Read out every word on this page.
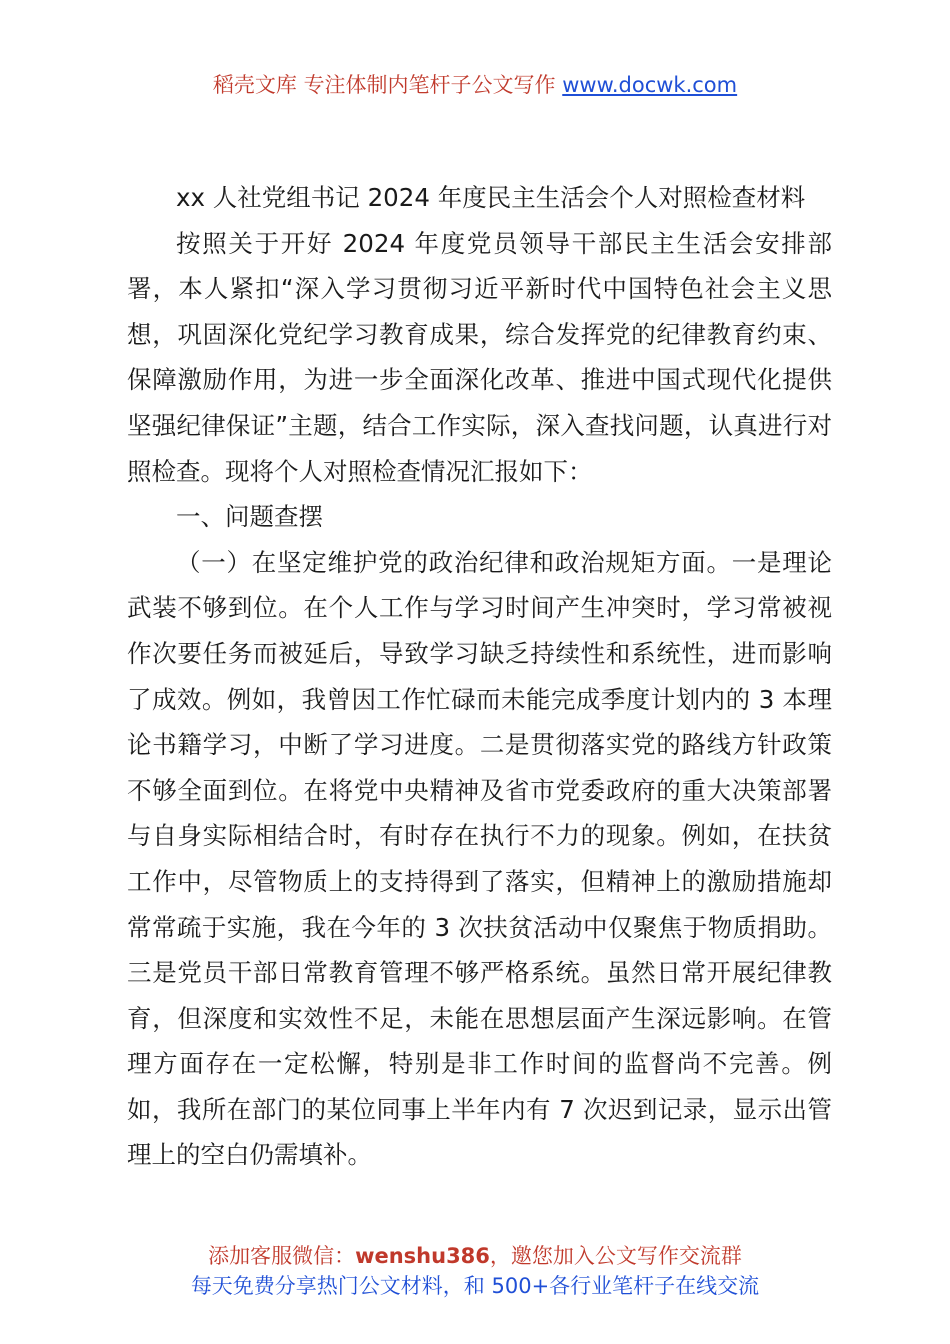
稻壳文库 专注体制内笔杆子公文写作 www.docwk.com

xx 人社党组书记 2024 年度民主生活会个人对照检查材料

按照关于开好 2024 年度党员领导干部民主生活会安排部署，本人紧扣“深入学习贯彻习近平新时代中国特色社会主义思想，巩固深化党纪学习教育成果，综合发挥党的纪律教育约束、保障激励作用，为进一步全面深化改革、推进中国式现代化提供坚强纪律保证”主题，结合工作实际，深入查找问题，认真进行对照检查。现将个人对照检查情况汇报如下：

一、问题查摆

（一）在坚定维护党的政治纪律和政治规矩方面。一是理论武装不够到位。在个人工作与学习时间产生冲突时，学习常被视作次要任务而被延后，导致学习缺乏持续性和系统性，进而影响了成效。例如，我曾因工作忙碌而未能完成季度计划内的 3 本理论书籍学习，中断了学习进度。二是贯彻落实党的路线方针政策不够全面到位。在将党中央精神及省市党委政府的重大决策部署与自身实际相结合时，有时存在执行不力的现象。例如，在扶贫工作中，尽管物质上的支持得到了落实，但精神上的激励措施却常常疏于实施，我在今年的 3 次扶贫活动中仅聚焦于物质捐助。三是党员干部日常教育管理不够严格系统。虽然日常开展纪律教育，但深度和实效性不足，未能在思想层面产生深远影响。在管理方面存在一定松懈，特别是非工作时间的监督尚不完善。例如，我所在部门的某位同事上半年内有 7 次迟到记录，显示出管理上的空白仍需填补。

添加客服微信：wenshu386，邀您加入公文写作交流群
每天免费分享热门公文材料，和 500+各行业笔杆子在线交流
